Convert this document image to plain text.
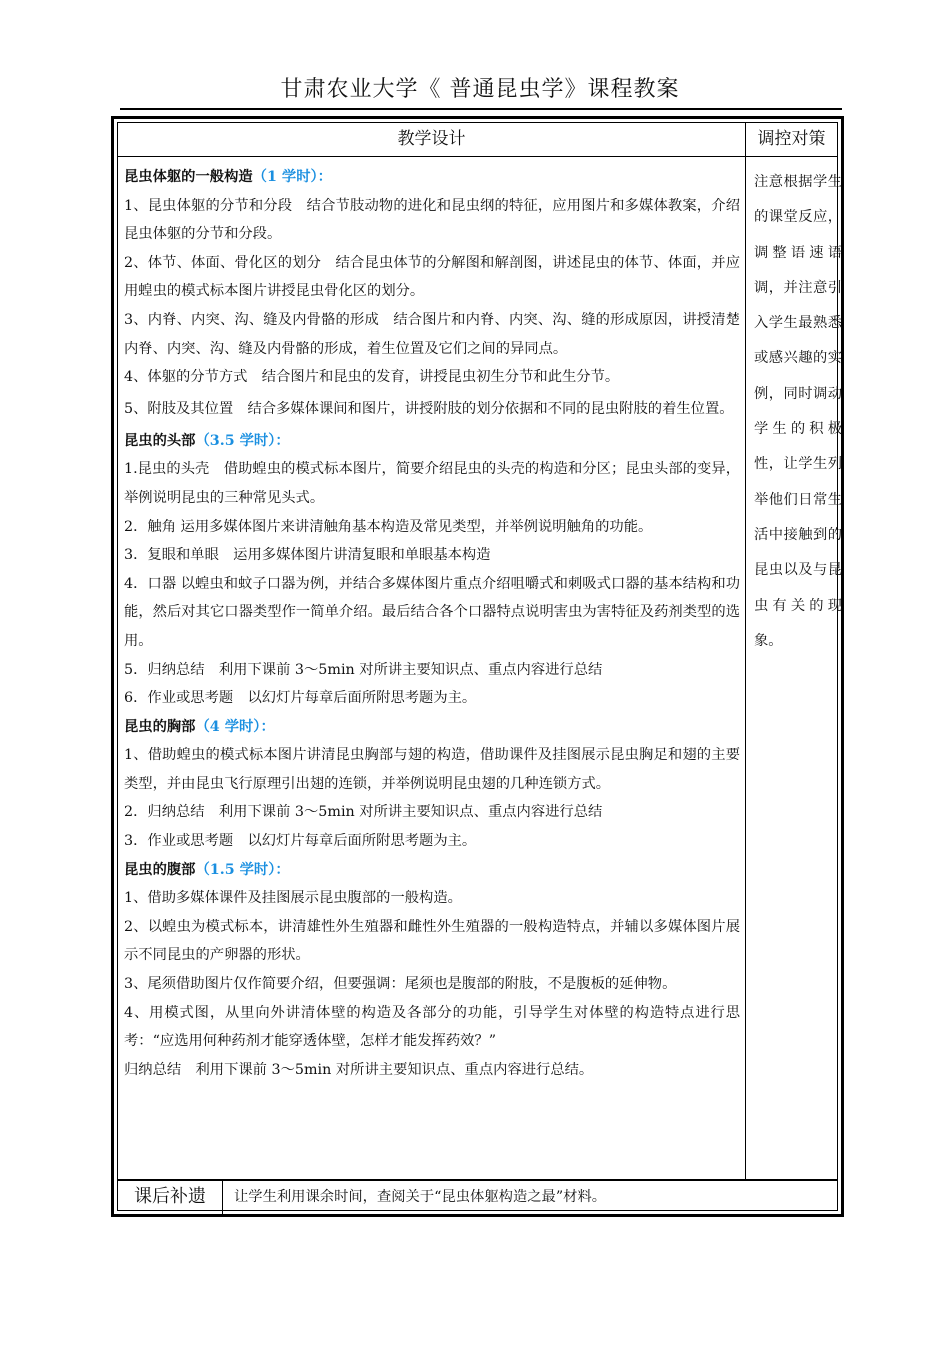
甘肃农业大学《 普通昆虫学》课程教案
教学设计	调控对策

昆虫体躯的一般构造（1 学时）：

1、昆虫体躯的分节和分段　结合节肢动物的进化和昆虫纲的特征，应用图片和多媒体教案，介绍昆虫体躯的分节和分段。

2、体节、体面、骨化区的划分　结合昆虫体节的分解图和解剖图，讲述昆虫的体节、体面，并应用蝗虫的模式标本图片讲授昆虫骨化区的划分。

3、内脊、内突、沟、缝及内骨骼的形成　结合图片和内脊、内突、沟、缝的形成原因，讲授清楚内脊、内突、沟、缝及内骨骼的形成，着生位置及它们之间的异同点。

4、体躯的分节方式　结合图片和昆虫的发育，讲授昆虫初生分节和此生分节。

5、附肢及其位置　结合多媒体课间和图片，讲授附肢的划分依据和不同的昆虫附肢的着生位置。

昆虫的头部（3.5 学时）：

1.昆虫的头壳　借助蝗虫的模式标本图片，简要介绍昆虫的头壳的构造和分区；昆虫头部的变异，举例说明昆虫的三种常见头式。

2．触角 运用多媒体图片来讲清触角基本构造及常见类型，并举例说明触角的功能。

3．复眼和单眼　运用多媒体图片讲清复眼和单眼基本构造

4．口器 以蝗虫和蚊子口器为例，并结合多媒体图片重点介绍咀嚼式和刺吸式口器的基本结构和功能，然后对其它口器类型作一简单介绍。最后结合各个口器特点说明害虫为害特征及药剂类型的选用。

5．归纳总结　利用下课前 3～5min 对所讲主要知识点、重点内容进行总结

6．作业或思考题　以幻灯片每章后面所附思考题为主。

昆虫的胸部（4 学时）：

1、借助蝗虫的模式标本图片讲清昆虫胸部与翅的构造，借助课件及挂图展示昆虫胸足和翅的主要类型，并由昆虫飞行原理引出翅的连锁，并举例说明昆虫翅的几种连锁方式。

2．归纳总结　利用下课前 3～5min 对所讲主要知识点、重点内容进行总结

3．作业或思考题　以幻灯片每章后面所附思考题为主。

昆虫的腹部（1.5 学时）：

1、借助多媒体课件及挂图展示昆虫腹部的一般构造。

2、以蝗虫为模式标本，讲清雄性外生殖器和雌性外生殖器的一般构造特点，并辅以多媒体图片展示不同昆虫的产卵器的形状。

3、尾须借助图片仅作简要介绍，但要强调：尾须也是腹部的附肢，不是腹板的延伸物。

4、用模式图，从里向外讲清体壁的构造及各部分的功能，引导学生对体壁的构造特点进行思考：“应选用何种药剂才能穿透体壁，怎样才能发挥药效？”

归纳总结　利用下课前 3～5min 对所讲主要知识点、重点内容进行总结。

注意根据学生的课堂反应，调整语速语调，并注意引入学生最熟悉或感兴趣的实例，同时调动学生的积极性，让学生列举他们日常生活中接触到的昆虫以及与昆虫有关的现象。
课后补遗	让学生利用课余时间，查阅关于“昆虫体躯构造之最”材料。
